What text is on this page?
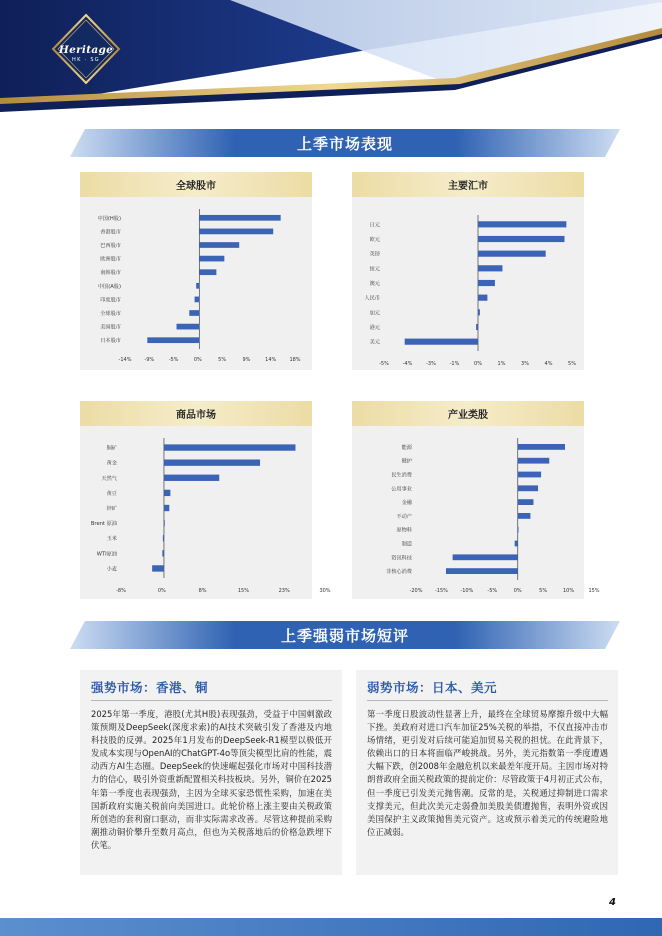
Heritage
HK · SG
上季市场表现
全球股市
中国(H股)
香港股市
巴西股市
欧洲股市
南韩股市
中国(A股)
印度股市
全球股市
美国股市
日本股市
-14%	-9%	-5%	0%	5%	9%	14%	18%
主要汇市
日元
欧元
英镑
纽元
澳元
人民币
加元
港元
美元
-5%	-4%	-3%	-1%	0%	1%	3%	4%	5%
商品市场
铜矿
黄金
天然气
黄豆
锌矿
Brent 原油
玉米
WTI原油
小麦
-8%	0%	8%	15%	23%	30%
产业类股
能源
健护
民生消费
公用事业
金融
不动产
原物料
制造
资讯科技
非核心消费
-20%	-15%	-10%	-5%	0%	5%	10%	15%
上季强弱市场短评
强势市场：香港、铜
2025年第一季度，港股(尤其H股)表现强劲，受益于中国刺激政策预期及DeepSeek(深度求索)的AI技术突破引发了香港及内地科技股的反弹。2025年1月发布的DeepSeek-R1模型以极低开发成本实现与OpenAI的ChatGPT-4o等顶尖模型比肩的性能，震动西方AI生态圈。DeepSeek的快速崛起强化市场对中国科技潜力的信心，吸引外资重新配置相关科技板块。另外，铜价在2025年第一季度也表现强劲，主因为全球买家恐慌性采购，加速在美国新政府实施关税前向美国进口。此轮价格上涨主要由关税政策所创造的套利窗口驱动，而非实际需求改善。尽管这种提前采购潮推动铜价攀升至数月高点，但也为关税落地后的价格急跌埋下伏笔。
弱势市场：日本、美元
第一季度日股波动性显著上升，最终在全球贸易摩擦升级中大幅下挫。美政府对进口汽车加征25%关税的举措，不仅直接冲击市场情绪，更引发对后续可能追加贸易关税的担忧。在此背景下，依赖出口的日本将面临严峻挑战。另外，美元指数第一季度遭遇大幅下跌，创2008年金融危机以来最差年度开局。主因市场对特朗普政府全面关税政策的提前定价：尽管政策于4月初正式公布，但一季度已引发美元抛售潮。反常的是，关税通过抑制进口需求支撑美元，但此次美元走弱叠加美股美债遭抛售，表明外资或因美国保护主义政策抛售美元资产。这或预示着美元的传统避险地位正减弱。
4
